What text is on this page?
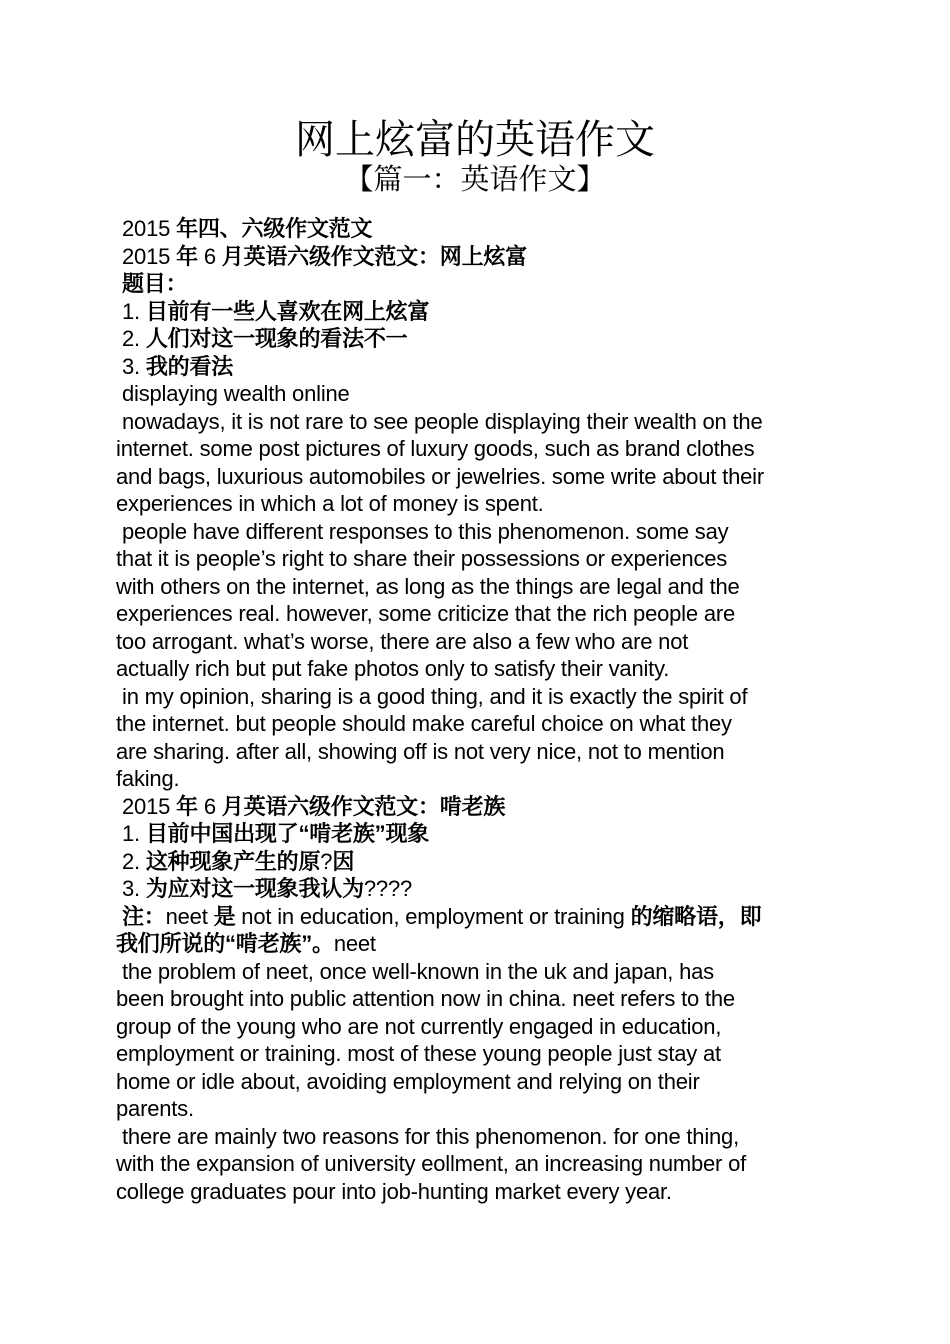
网上炫富的英语作文
【篇一：英语作文】
2015 年四、六级作文范文
2015 年 6 月英语六级作文范文：网上炫富
题目：
1. 目前有一些人喜欢在网上炫富
2. 人们对这一现象的看法不一
3. 我的看法
displaying wealth online
nowadays, it is not rare to see people displaying their wealth on the
internet. some post pictures of luxury goods, such as brand clothes
and bags, luxurious automobiles or jewelries. some write about their
experiences in which a lot of money is spent.
people have different responses to this phenomenon. some say
that it is people’s right to share their possessions or experiences
with others on the internet, as long as the things are legal and the
experiences real. however, some criticize that the rich people are
too arrogant. what’s worse, there are also a few who are not
actually rich but put fake photos only to satisfy their vanity.
in my opinion, sharing is a good thing, and it is exactly the spirit of
the internet. but people should make careful choice on what they
are sharing. after all, showing off is not very nice, not to mention
faking.
2015 年 6 月英语六级作文范文：啃老族
1. 目前中国出现了“啃老族”现象
2. 这种现象产生的原?因
3. 为应对这一现象我认为????
注：neet 是 not in education, employment or training 的缩略语，即
我们所说的“啃老族”。neet
the problem of neet, once well-known in the uk and japan, has
been brought into public attention now in china. neet refers to the
group of the young who are not currently engaged in education,
employment or training. most of these young people just stay at
home or idle about, avoiding employment and relying on their
parents.
there are mainly two reasons for this phenomenon. for one thing,
with the expansion of university eollment, an increasing number of
college graduates pour into job-hunting market every year.
